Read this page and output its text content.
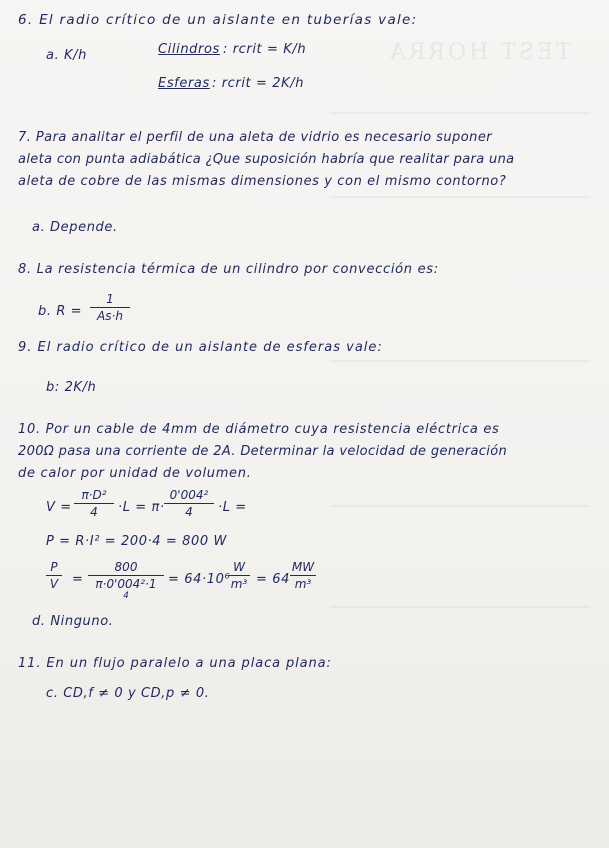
TEST HORRA
6. El radio crítico de un aislante en tuberías vale:
a. K/h	Cilindros : rcrit = K/h
Esferas : rcrit = 2K/h
7. Para analitar el perfil de una aleta de vidrio es necesario suponer
aleta con punta adiabática ¿Que suposición habría que realitar para una
aleta de cobre de las mismas dimensiones y con el mismo contorno?
a. Depende.
8. La resistencia térmica de un cilindro por convección es:
b. R =
1
As·h
9. El radio crítico de un aislante de esferas vale:
b: 2K/h
10. Por un cable de 4mm de diámetro cuya resistencia eléctrica es
200Ω pasa una corriente de 2A. Determinar la velocidad de generación
de calor por unidad de volumen.
V =
π·D²
4 ·L = π·
0'004²
4 ·L =
P = R·I² = 200·4 = 800 W
P
V =
800
π·0'004²·1
4
= 64·10⁶
W
m³ = 64
MW
m³
d. Ninguno.
11. En un flujo paralelo a una placa plana:
c. CD,f ≠ 0 y CD,p ≠ 0.
